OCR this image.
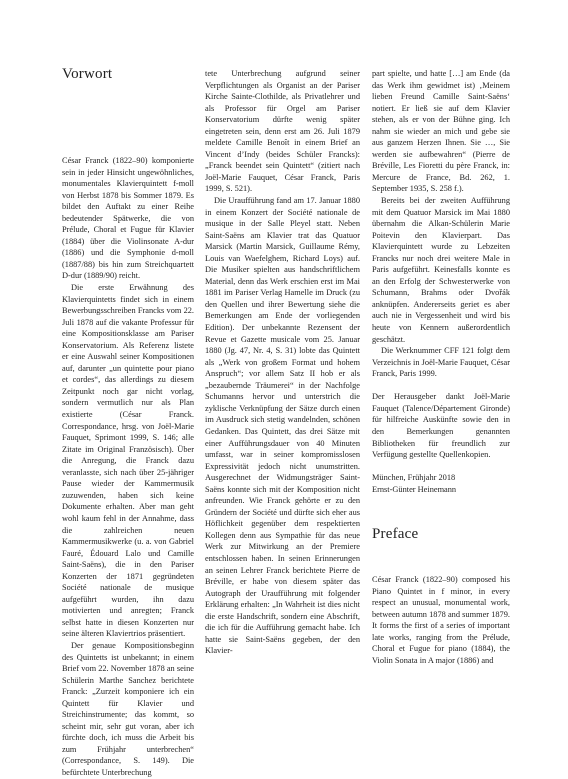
Vorwort

César Franck (1822–90) komponierte sein in jeder Hinsicht ungewöhnliches, monumentales Klavierquintett f-moll von Herbst 1878 bis Sommer 1879. Es bildet den Auftakt zu einer Reihe bedeutender Spätwerke, die von Prélude, Choral et Fugue für Klavier (1884) über die Violinsonate A-dur (1886) und die Symphonie d-moll (1887/88) bis hin zum Streichquartett D-dur (1889/90) reicht.

Die erste Erwähnung des Klavierquintetts findet sich in einem Bewerbungsschreiben Francks vom 22. Juli 1878 auf die vakante Professur für eine Kompositionsklasse am Pariser Konservatorium. Als Referenz listete er eine Auswahl seiner Kompositionen auf, darunter „un quintette pour piano et cordes“, das allerdings zu diesem Zeitpunkt noch gar nicht vorlag, sondern vermutlich nur als Plan existierte (César Franck. Correspondance, hrsg. von Joël-Marie Fauquet, Sprimont 1999, S. 146; alle Zitate im Original Französisch). Über die Anregung, die Franck dazu veranlasste, sich nach über 25-jähriger Pause wieder der Kammermusik zuzuwenden, haben sich keine Dokumente erhalten. Aber man geht wohl kaum fehl in der Annahme, dass die zahlreichen neuen Kammermusikwerke (u. a. von Gabriel Fauré, Édouard Lalo und Camille Saint-Saëns), die in den Pariser Konzerten der 1871 gegründeten Société nationale de musique aufgeführt wurden, ihn dazu motivierten und anregten; Franck selbst hatte in diesen Konzerten nur seine älteren Klaviertrios präsentiert.

Der genaue Kompositionsbeginn des Quintetts ist unbekannt; in einem Brief vom 22. November 1878 an seine Schülerin Marthe Sanchez berichtete Franck: „Zurzeit komponiere ich ein Quintett für Klavier und Streichinstrumente; das kommt, so scheint mir, sehr gut voran, aber ich fürchte doch, ich muss die Arbeit bis zum Frühjahr unterbrechen“ (Correspondance, S. 149). Die befürchtete Unterbrechung

tete Unterbrechung aufgrund seiner Verpflichtungen als Organist an der Pariser Kirche Sainte-Clothilde, als Privatlehrer und als Professor für Orgel am Pariser Konservatorium dürfte wenig später eingetreten sein, denn erst am 26. Juli 1879 meldete Camille Benoît in einem Brief an Vincent d’Indy (beides Schüler Francks): „Franck beendet sein Quintett“ (zitiert nach Joël-Marie Fauquet, César Franck, Paris 1999, S. 521).

Die Uraufführung fand am 17. Januar 1880 in einem Konzert der Société nationale de musique in der Salle Pleyel statt. Neben Saint-Saëns am Klavier trat das Quatuor Marsick (Martin Marsick, Guillaume Rémy, Louis van Waefelghem, Richard Loys) auf. Die Musiker spielten aus handschriftlichem Material, denn das Werk erschien erst im Mai 1881 im Pariser Verlag Hamelle im Druck (zu den Quellen und ihrer Bewertung siehe die Bemerkungen am Ende der vorliegenden Edition). Der unbekannte Rezensent der Revue et Gazette musicale vom 25. Januar 1880 (Jg. 47, Nr. 4, S. 31) lobte das Quintett als „Werk von großem Format und hohem Anspruch“; vor allem Satz II hob er als „bezaubernde Träumerei“ in der Nachfolge Schumanns hervor und unterstrich die zyklische Verknüpfung der Sätze durch einen im Ausdruck sich stetig wandelnden, schönen Gedanken. Das Quintett, das drei Sätze mit einer Aufführungsdauer von 40 Minuten umfasst, war in seiner kompromisslosen Expressivität jedoch nicht unumstritten. Ausgerechnet der Widmungsträger Saint-Saëns konnte sich mit der Komposition nicht anfreunden. Wie Franck gehörte er zu den Gründern der Société und dürfte sich eher aus Höflichkeit gegenüber dem respektierten Kollegen denn aus Sympathie für das neue Werk zur Mitwirkung an der Premiere entschlossen haben. In seinen Erinnerungen an seinen Lehrer Franck berichtete Pierre de Bréville, er habe von diesem später das Autograph der Uraufführung mit folgender Erklärung erhalten: „In Wahrheit ist dies nicht die erste Handschrift, sondern eine Abschrift, die ich für die Aufführung gemacht habe. Ich hatte sie Saint-Saëns gegeben, der den Klavier-

part spielte, und hatte […] am Ende (da das Werk ihm gewidmet ist) ‚Meinem lieben Freund Camille Saint-Saëns‘ notiert. Er ließ sie auf dem Klavier stehen, als er von der Bühne ging. Ich nahm sie wieder an mich und gebe sie aus ganzem Herzen Ihnen. Sie …, Sie werden sie aufbewahren“ (Pierre de Bréville, Les Fioretti du père Franck, in: Mercure de France, Bd. 262, 1. September 1935, S. 258 f.).

Bereits bei der zweiten Aufführung mit dem Quatuor Marsick im Mai 1880 übernahm die Alkan-Schülerin Marie Poitevin den Klavierpart. Das Klavierquintett wurde zu Lebzeiten Francks nur noch drei weitere Male in Paris aufgeführt. Keinesfalls konnte es an den Erfolg der Schwesterwerke von Schumann, Brahms oder Dvořák anknüpfen. Andererseits geriet es aber auch nie in Vergessenheit und wird bis heute von Kennern außerordentlich geschätzt.

Die Werknummer CFF 121 folgt dem Verzeichnis in Joël-Marie Fauquet, César Franck, Paris 1999.

Der Herausgeber dankt Joël-Marie Fauquet (Talence/Département Gironde) für hilfreiche Auskünfte sowie den in den Bemerkungen genannten Bibliotheken für freundlich zur Verfügung gestellte Quellenkopien.

München, Frühjahr 2018

Ernst-Günter Heinemann

Preface

César Franck (1822–90) composed his Piano Quintet in f minor, in every respect an unusual, monumental work, between autumn 1878 and summer 1879. It forms the first of a series of important late works, ranging from the Prélude, Choral et Fugue for piano (1884), the Violin Sonata in A major (1886) and
